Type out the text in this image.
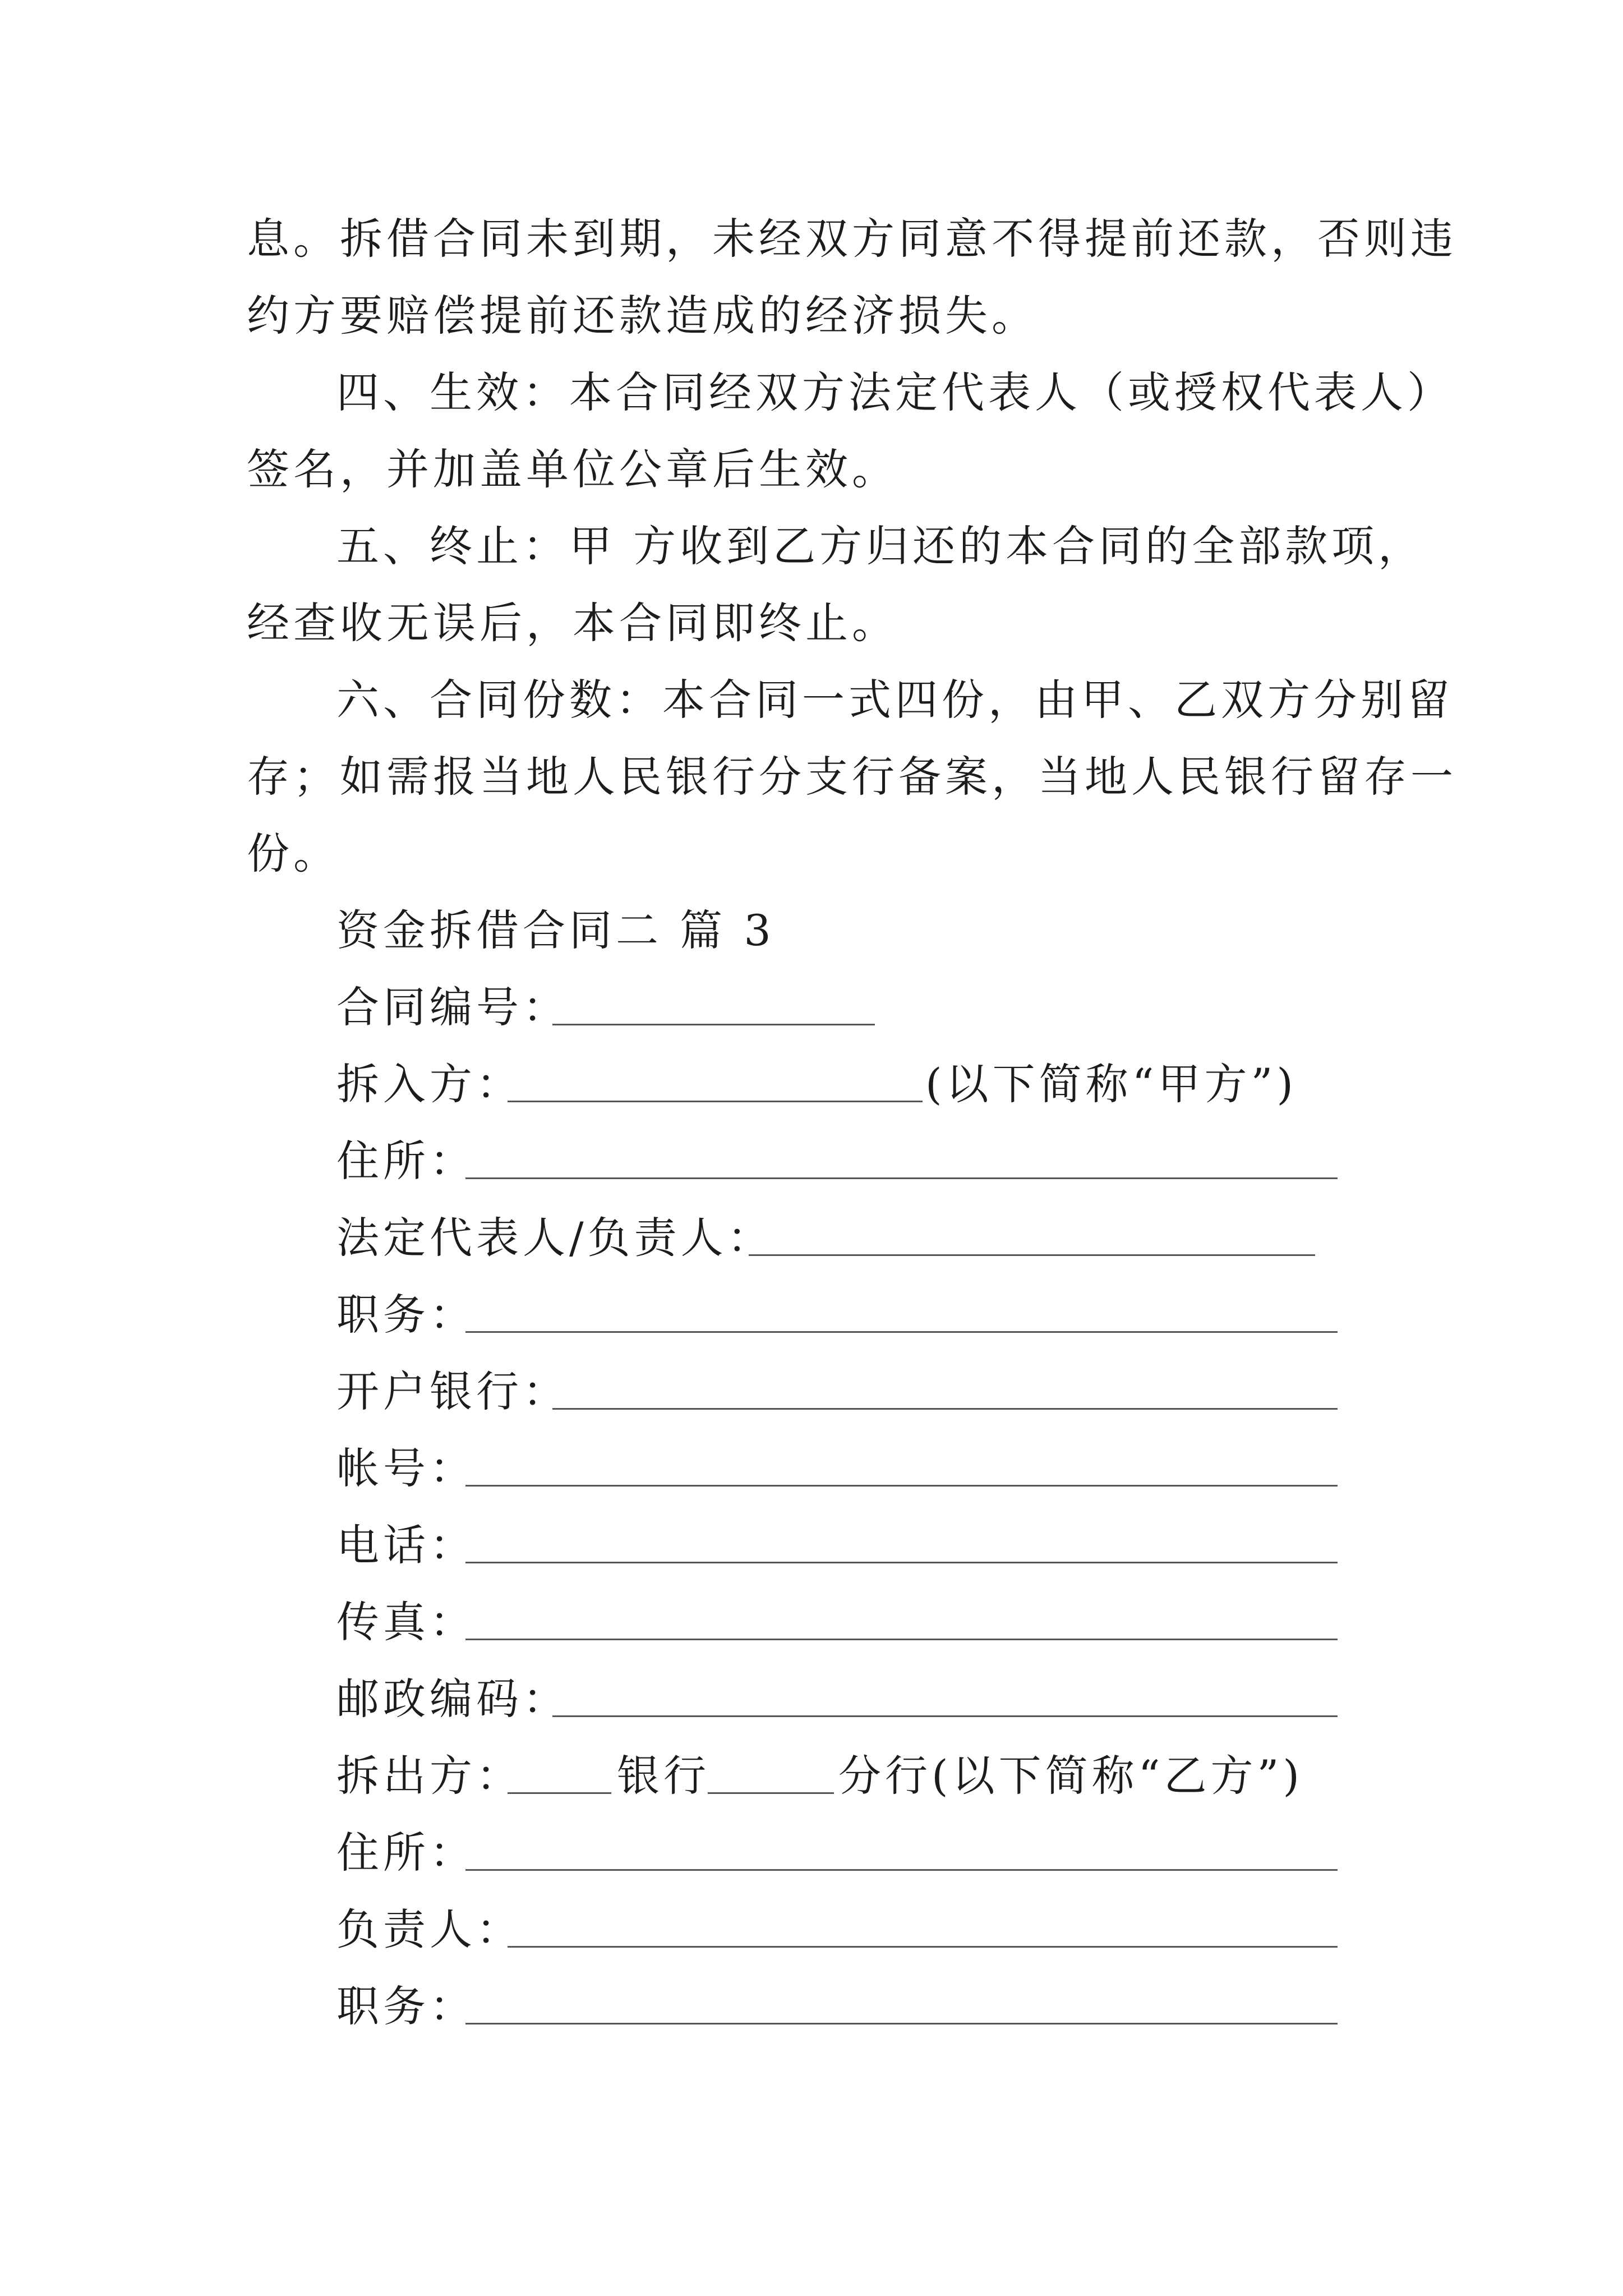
息。拆借合同未到期，未经双方同意不得提前还款，否则违
约方要赔偿提前还款造成的经济损失。
四、生效：本合同经双方法定代表人（或授权代表人）
签名，并加盖单位公章后生效。
五、终止：甲 方收到乙方归还的本合同的全部款项，
经查收无误后，本合同即终止。
六、合同份数：本合同一式四份，由甲、乙双方分别留
存；如需报当地人民银行分支行备案，当地人民银行留存一
份。
资金拆借合同二 篇 3
合同编号：
拆入方：	(以下简称“甲方”)
住所：
法定代表人/负责人：
职务：
开户银行：
帐号：
电话：
传真：
邮政编码：
拆出方： 银行	分行(以下简称“乙方”)
住所：
负责人：
职务：
